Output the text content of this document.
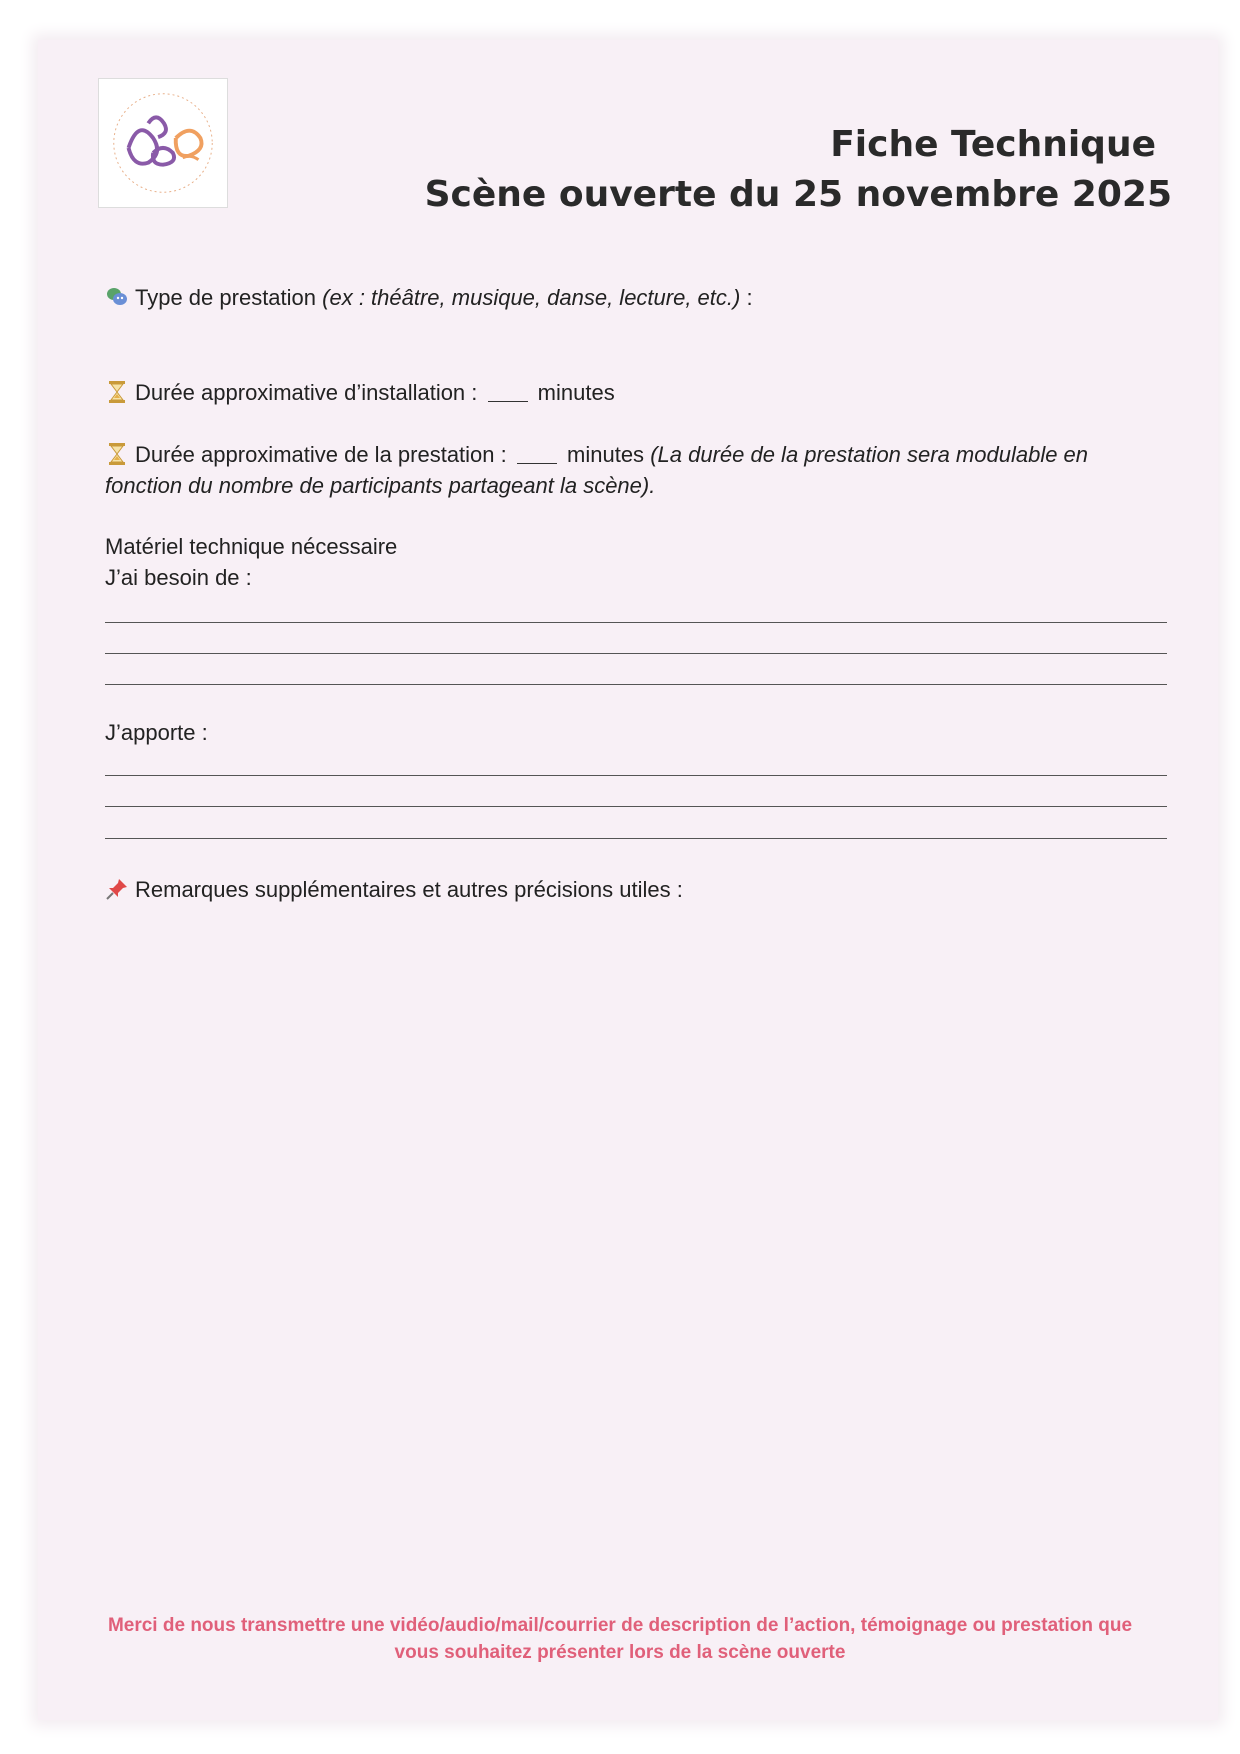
Fiche Technique
Scène ouverte du 25 novembre 2025
Type de prestation (ex : théâtre, musique, danse, lecture, etc.) :
Durée approximative d’installation :	minutes
Durée approximative de la prestation :	minutes (La durée de la prestation sera modulable en
fonction du nombre de participants partageant la scène).
Matériel technique nécessaire
J’ai besoin de :
J’apporte :
Remarques supplémentaires et autres précisions utiles :
Merci de nous transmettre une vidéo/audio/mail/courrier de description de l’action, témoignage ou prestation que
vous souhaitez présenter lors de la scène ouverte
